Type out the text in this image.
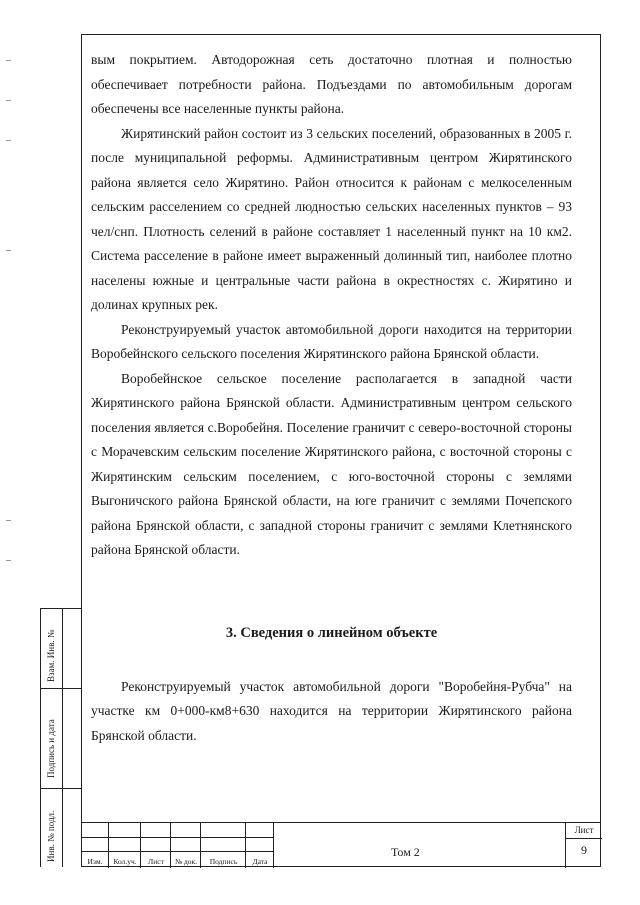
Взам. Инв. №
Подпись и дата
Инв. № подл.

вым покрытием. Автодорожная сеть достаточно плотная и полностью обеспечивает потребности района. Подъездами по автомобильным дорогам обеспечены все населенные пункты района.

Жирятинский район состоит из 3 сельских поселений, образованных в 2005 г. после муниципальной реформы. Административным центром Жирятинского района является село Жирятино. Район относится к районам с мелкоселенным сельским расселением со средней людностью сельских населенных пунктов – 93 чел/снп. Плотность селений в районе составляет 1 населенный пункт на 10 км2. Система расселение в районе имеет выраженный долинный тип, наиболее плотно населены южные и центральные части района в окрестностях с. Жирятино и долинах крупных рек.

Реконструируемый участок автомобильной дороги находится на территории Воробейнского сельского поселения Жирятинского района Брянской области.

Воробейнское сельское поселение располагается в западной части Жирятинского района Брянской области. Административным центром сельского поселения является с.Воробейня. Поселение граничит с северо-восточной стороны с Морачевским сельским поселение Жирятинского района, с восточной стороны с Жирятинским сельским поселением, с юго-восточной стороны с землями Выгоничского района Брянской области, на юге граничит с землями Почепского района Брянской области, с западной стороны граничит с землями Клетнянского района Брянской области.

3. Сведения о линейном объекте

Реконструируемый участок автомобильной дороги "Воробейня-Рубча" на участке км 0+000-км8+630 находится на территории Жирятинского района Брянской области.

Изм.	Кол.уч.	Лист	№ док.	Подпись	Дата
Том 2
Лист
9
